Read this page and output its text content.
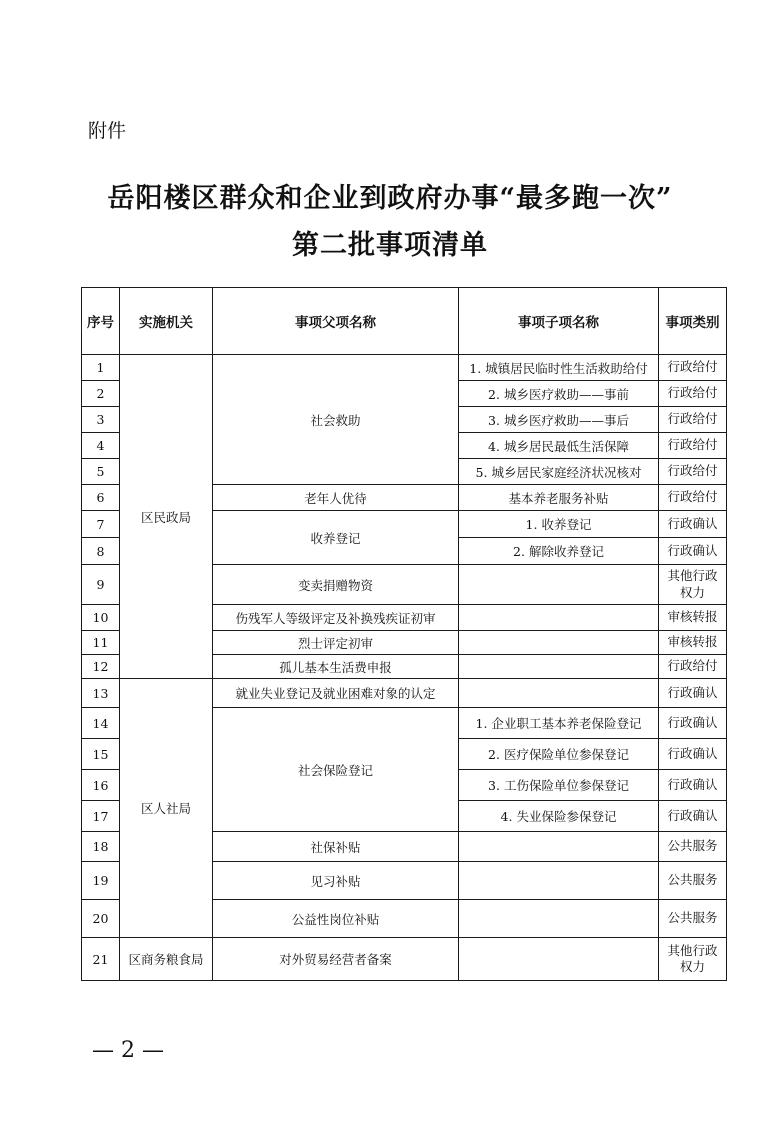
附件
岳阳楼区群众和企业到政府办事“最多跑一次”
第二批事项清单
序号	实施机关	事项父项名称	事项子项名称	事项类别
1	区民政局	社会救助	1. 城镇居民临时性生活救助给付	行政给付
2			2. 城乡医疗救助——事前	行政给付
3			3. 城乡医疗救助——事后	行政给付
4			4. 城乡居民最低生活保障	行政给付
5			5. 城乡居民家庭经济状况核对	行政给付
6		老年人优待	基本养老服务补贴	行政给付
7		收养登记	1. 收养登记	行政确认
8			2. 解除收养登记	行政确认
9		变卖捐赠物资		其他行政权力
10		伤残军人等级评定及补换残疾证初审		审核转报
11		烈士评定初审		审核转报
12		孤儿基本生活费申报		行政给付
13	区人社局	就业失业登记及就业困难对象的认定		行政确认
14		社会保险登记	1. 企业职工基本养老保险登记	行政确认
15			2. 医疗保险单位参保登记	行政确认
16			3. 工伤保险单位参保登记	行政确认
17			4. 失业保险参保登记	行政确认
18		社保补贴		公共服务
19		见习补贴		公共服务
20		公益性岗位补贴		公共服务
21	区商务粮食局	对外贸易经营者备案		其他行政权力
— 2 —
